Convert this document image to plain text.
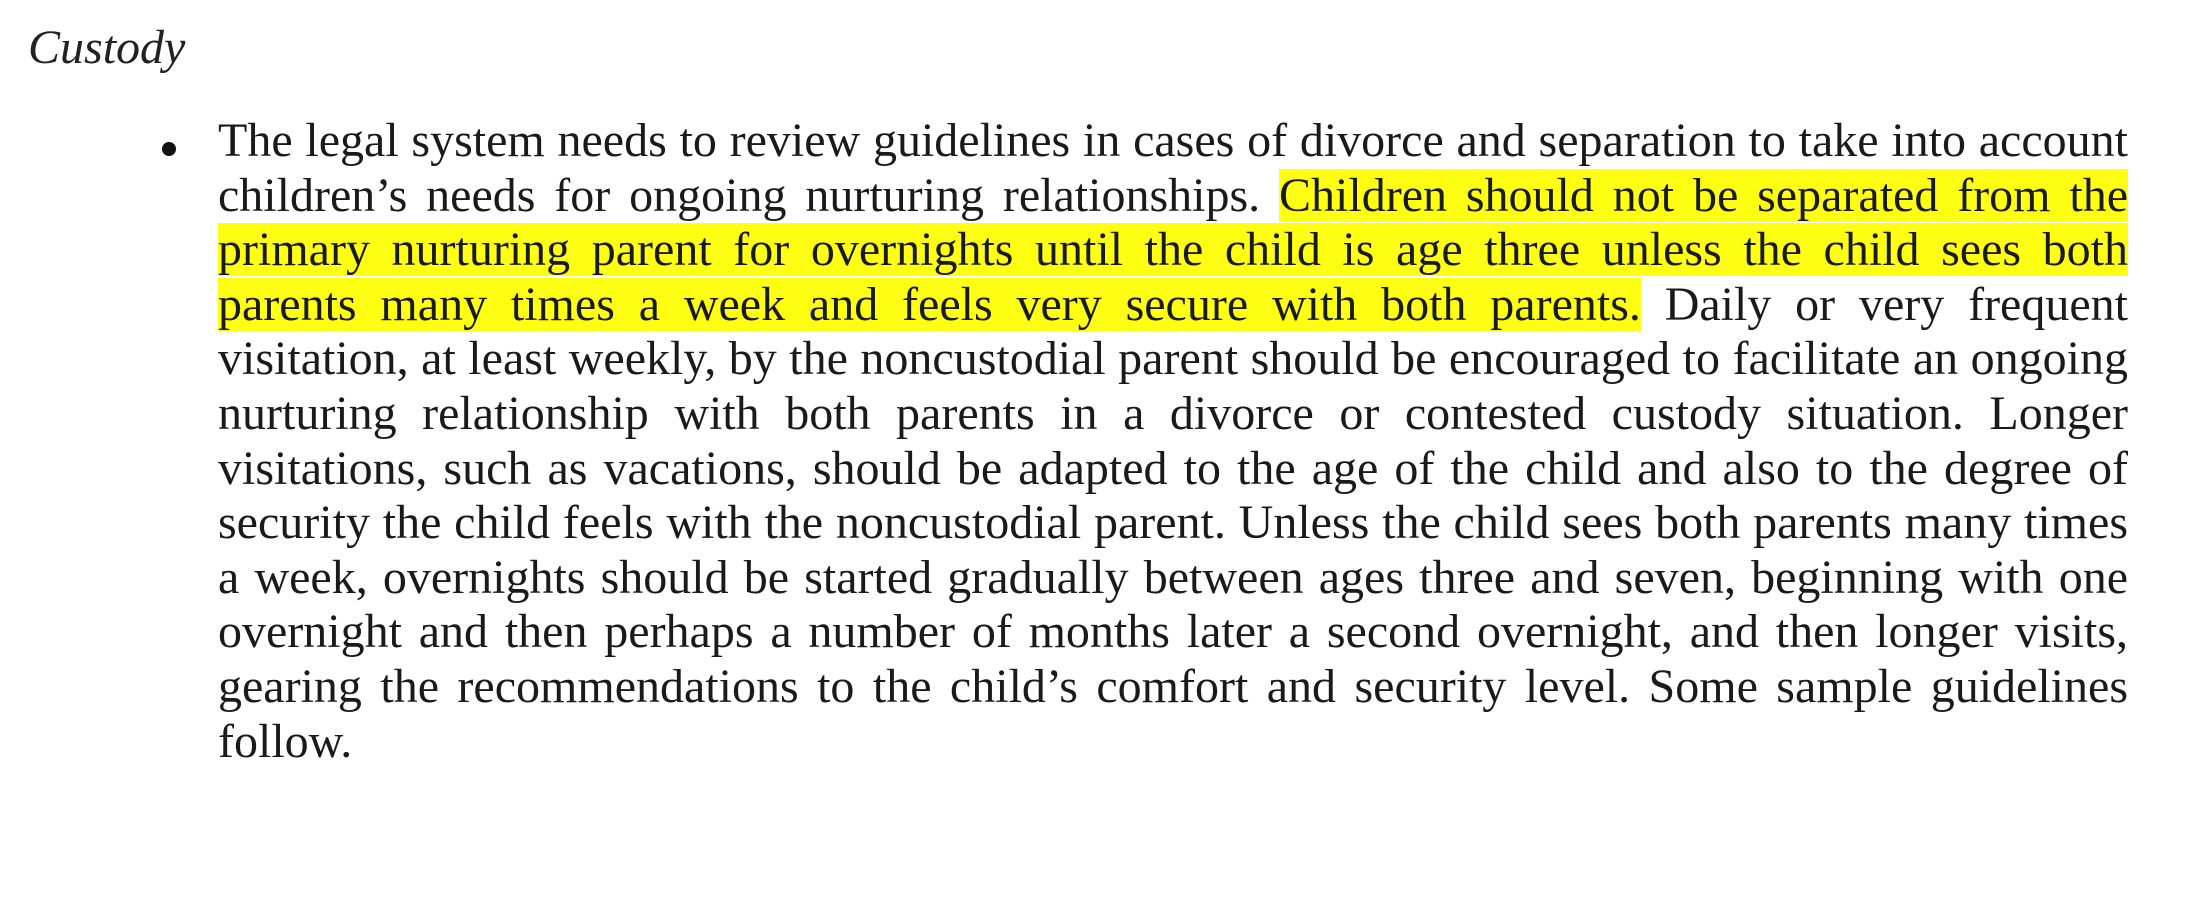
Custody

The legal system needs to review guidelines in cases of divorce and separation to take into account children’s needs for ongoing nurturing relationships. Children should not be separated from the primary nurturing parent for overnights until the child is age three unless the child sees both parents many times a week and feels very secure with both parents. Daily or very frequent visitation, at least weekly, by the noncustodial parent should be encouraged to facilitate an ongoing nurturing relationship with both parents in a divorce or contested custody situation. Longer visitations, such as vacations, should be adapted to the age of the child and also to the degree of security the child feels with the noncustodial parent. Unless the child sees both parents many times a week, overnights should be started gradually between ages three and seven, beginning with one overnight and then perhaps a number of months later a second overnight, and then longer visits, gearing the recommendations to the child’s comfort and security level. Some sample guidelines follow.
